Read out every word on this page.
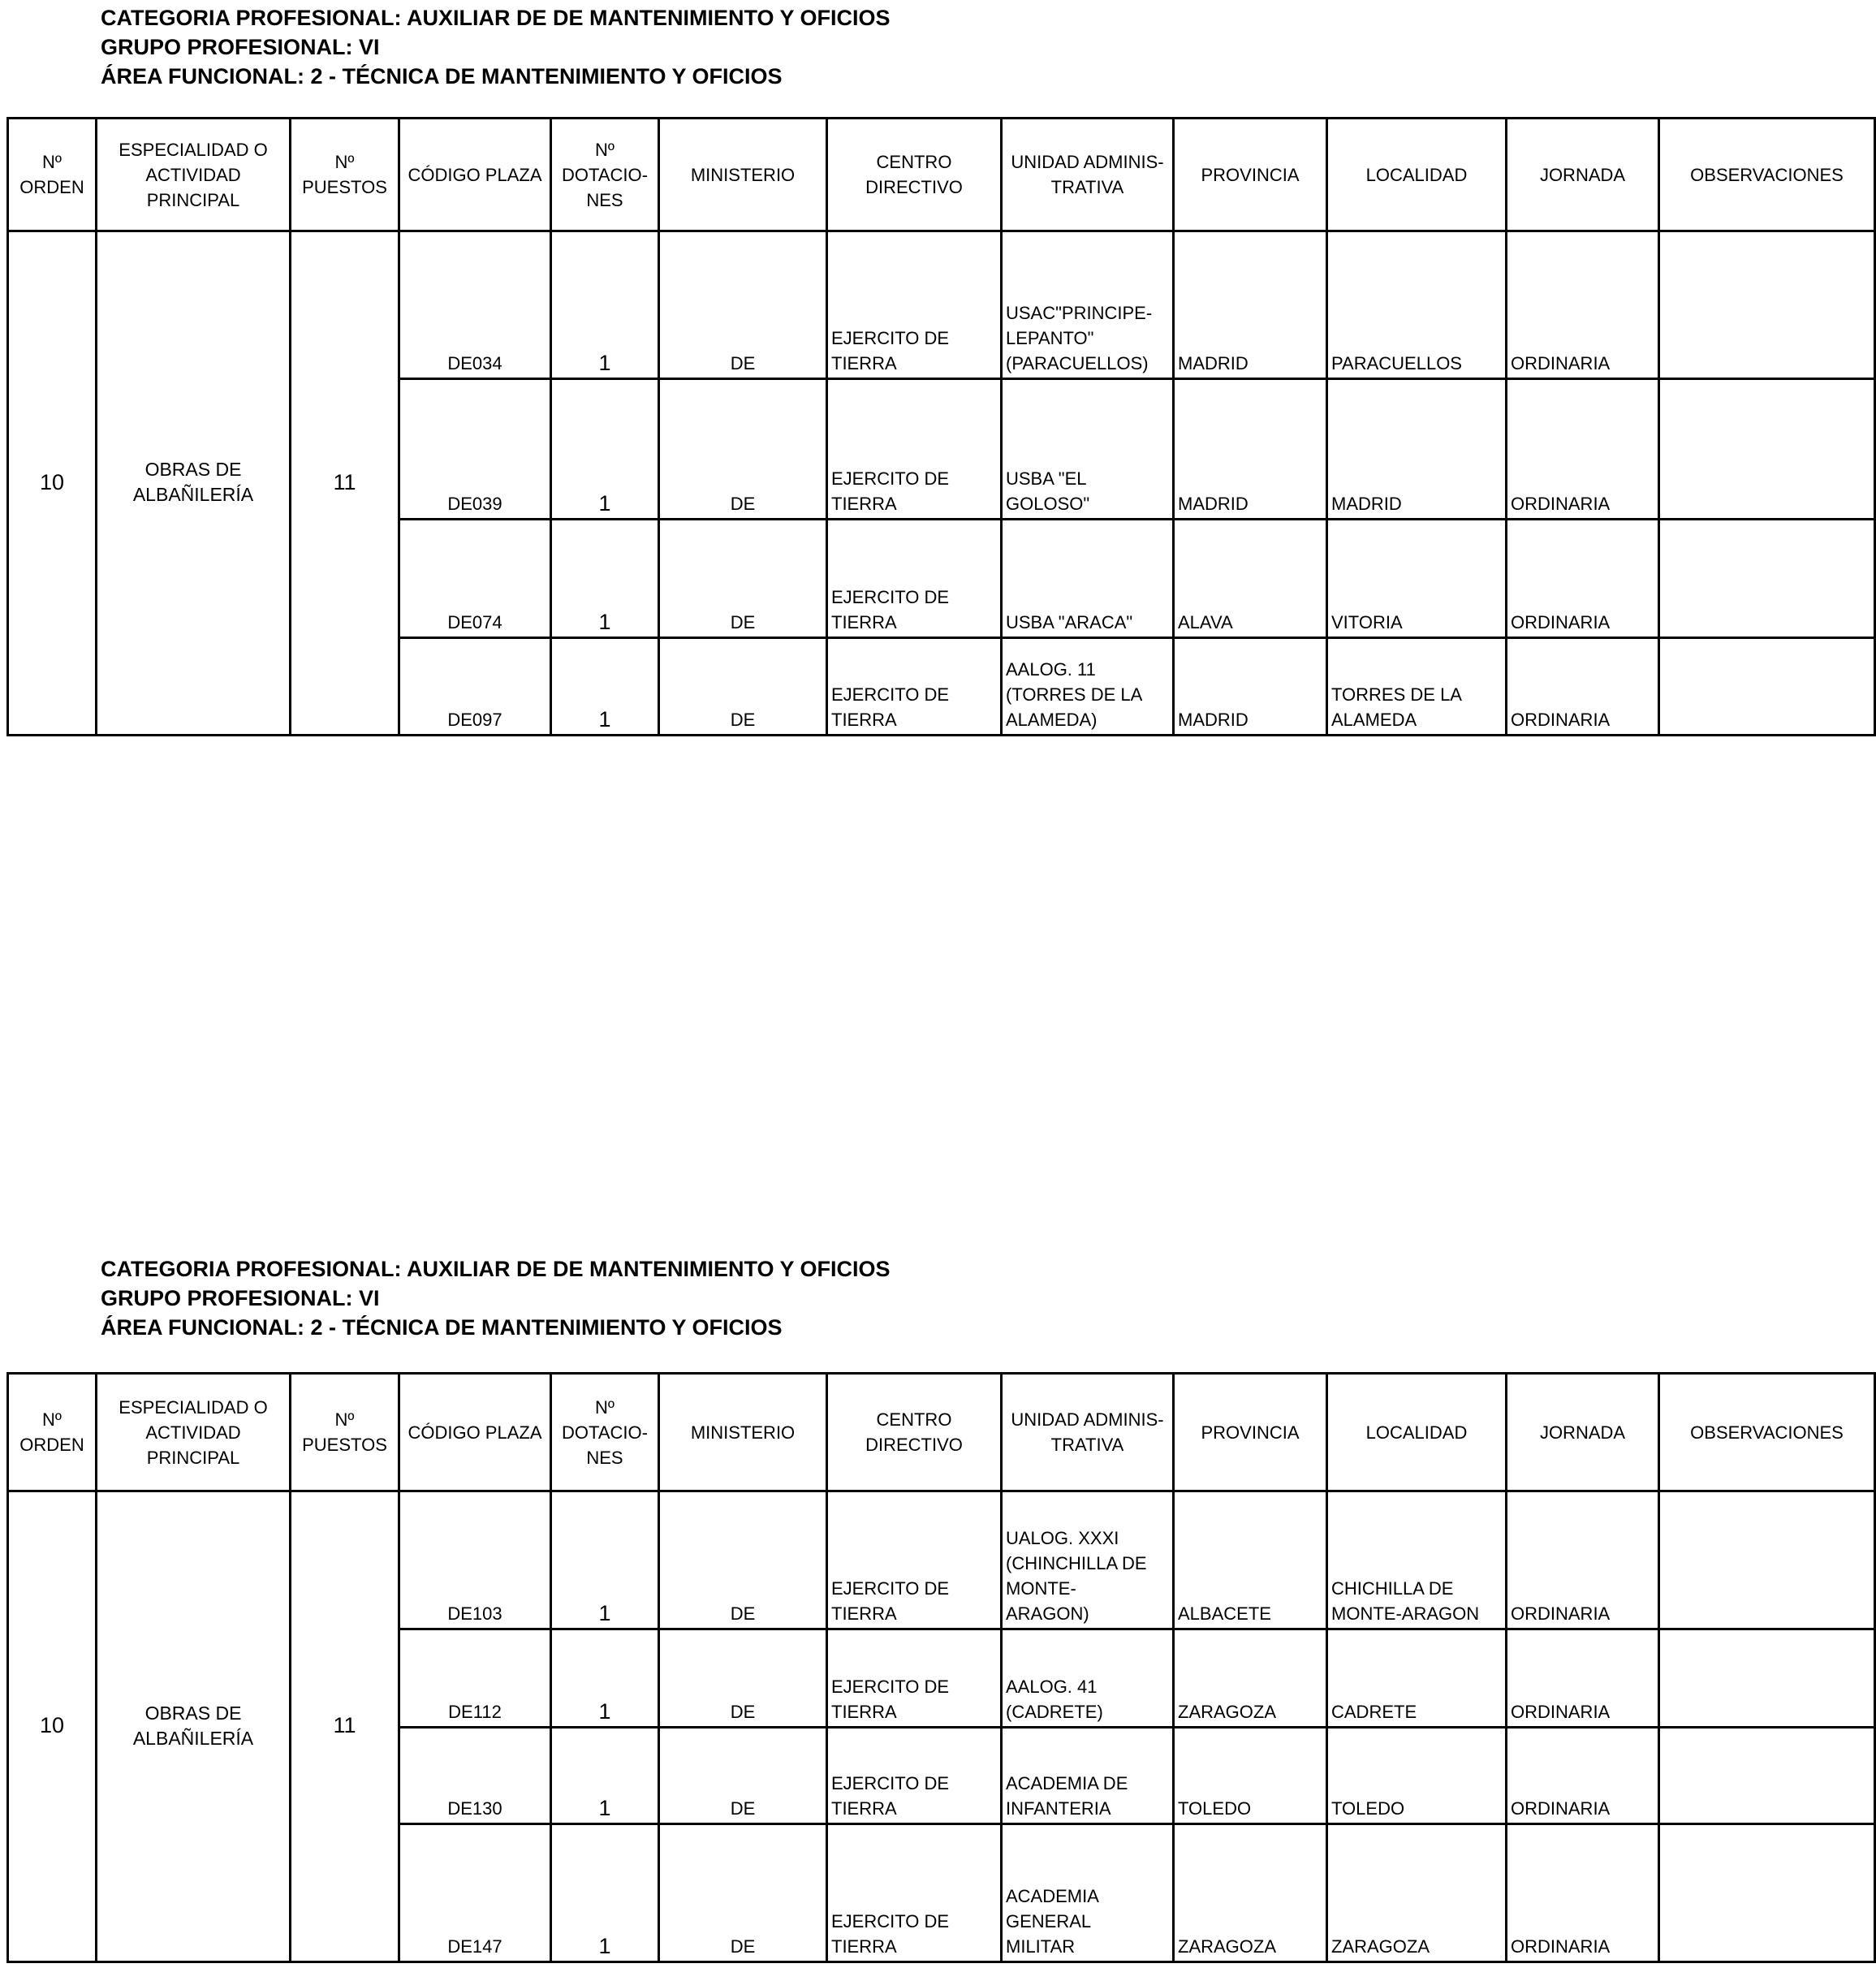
CATEGORIA PROFESIONAL: AUXILIAR DE DE MANTENIMIENTO Y OFICIOS
GRUPO PROFESIONAL: VI
ÁREA FUNCIONAL: 2 - TÉCNICA DE MANTENIMIENTO Y OFICIOS
Nº
ORDEN	ESPECIALIDAD O
ACTIVIDAD
PRINCIPAL	Nº
PUESTOS	CÓDIGO PLAZA	Nº
DOTACIO-
NES	MINISTERIO	CENTRO
DIRECTIVO	UNIDAD ADMINIS-
TRATIVA	PROVINCIA	LOCALIDAD	JORNADA	OBSERVACIONES
10	OBRAS DE
ALBAÑILERÍA	11	DE034	1	DE	EJERCITO DE
TIERRA	USAC"PRINCIPE-
LEPANTO"
(PARACUELLOS)	MADRID	PARACUELLOS	ORDINARIA	
			DE039	1	DE	EJERCITO DE
TIERRA	USBA "EL
GOLOSO"	MADRID	MADRID	ORDINARIA	
			DE074	1	DE	EJERCITO DE
TIERRA	USBA "ARACA"	ALAVA	VITORIA	ORDINARIA	
			DE097	1	DE	EJERCITO DE
TIERRA	AALOG. 11
(TORRES DE LA
ALAMEDA)	MADRID	TORRES DE LA
ALAMEDA	ORDINARIA	
CATEGORIA PROFESIONAL: AUXILIAR DE DE MANTENIMIENTO Y OFICIOS
GRUPO PROFESIONAL: VI
ÁREA FUNCIONAL: 2 - TÉCNICA DE MANTENIMIENTO Y OFICIOS
Nº
ORDEN	ESPECIALIDAD O
ACTIVIDAD
PRINCIPAL	Nº
PUESTOS	CÓDIGO PLAZA	Nº
DOTACIO-
NES	MINISTERIO	CENTRO
DIRECTIVO	UNIDAD ADMINIS-
TRATIVA	PROVINCIA	LOCALIDAD	JORNADA	OBSERVACIONES
10	OBRAS DE
ALBAÑILERÍA	11	DE103	1	DE	EJERCITO DE
TIERRA	UALOG. XXXI
(CHINCHILLA DE
MONTE-
ARAGON)	ALBACETE	CHICHILLA DE
MONTE-ARAGON	ORDINARIA	
			DE112	1	DE	EJERCITO DE
TIERRA	AALOG. 41
(CADRETE)	ZARAGOZA	CADRETE	ORDINARIA	
			DE130	1	DE	EJERCITO DE
TIERRA	ACADEMIA DE
INFANTERIA	TOLEDO	TOLEDO	ORDINARIA	
			DE147	1	DE	EJERCITO DE
TIERRA	ACADEMIA
GENERAL
MILITAR	ZARAGOZA	ZARAGOZA	ORDINARIA	
